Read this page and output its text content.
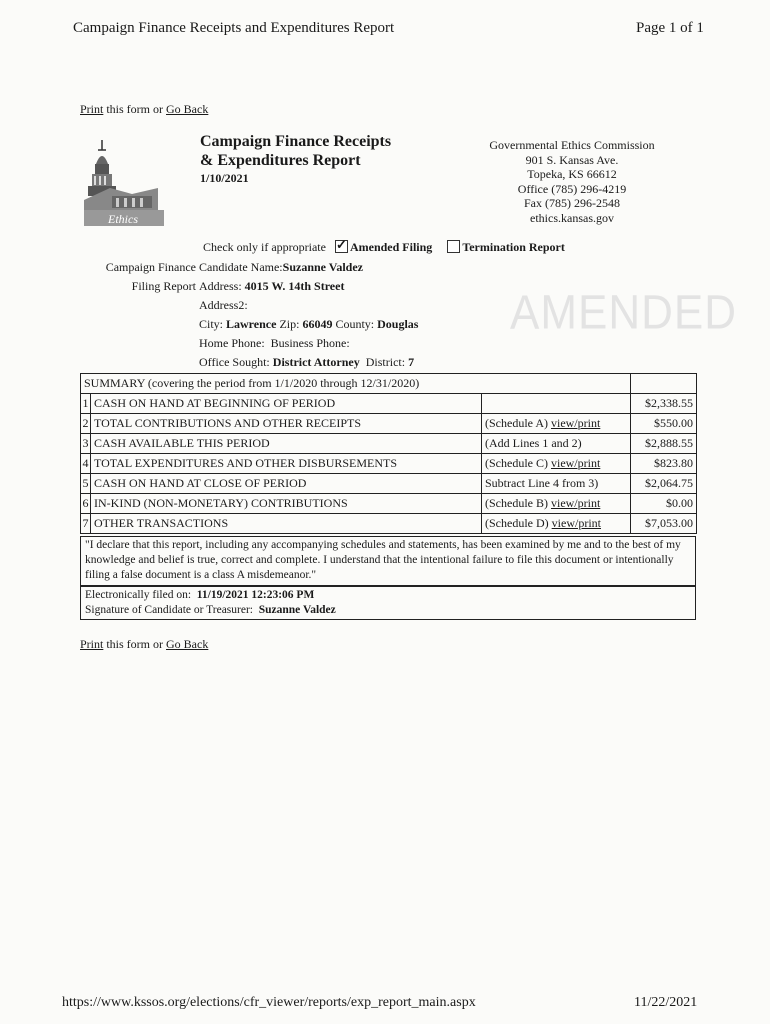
Campaign Finance Receipts and Expenditures Report	Page 1 of 1
Print this form or Go Back
Ethics
Campaign Finance Receipts
& Expenditures Report
1/10/2021
Governmental Ethics Commission
901 S. Kansas Ave.
Topeka, KS 66612
Office (785) 296-4219
Fax (785) 296-2548
ethics.kansas.gov
Check only if appropriate ✓ Amended Filing	Termination Report
Campaign Finance
Filing Report
Candidate Name:Suzanne Valdez
Address: 4015 W. 14th Street
Address2:
City: Lawrence Zip: 66049 County: Douglas
Home Phone: Business Phone:
Office Sought: District Attorney District: 7
AMENDED
SUMMARY (covering the period from 1/1/2020 through 12/31/2020)			
1	CASH ON HAND AT BEGINNING OF PERIOD		$2,338.55
2	TOTAL CONTRIBUTIONS AND OTHER RECEIPTS	(Schedule A) view/print	$550.00
3	CASH AVAILABLE THIS PERIOD	(Add Lines 1 and 2)	$2,888.55
4	TOTAL EXPENDITURES AND OTHER DISBURSEMENTS	(Schedule C) view/print	$823.80
5	CASH ON HAND AT CLOSE OF PERIOD	Subtract Line 4 from 3)	$2,064.75
6	IN-KIND (NON-MONETARY) CONTRIBUTIONS	(Schedule B) view/print	$0.00
7	OTHER TRANSACTIONS	(Schedule D) view/print	$7,053.00
"I declare that this report, including any accompanying schedules and statements, has been examined by me and to the best of my knowledge and belief is true, correct and complete. I understand that the intentional failure to file this document or intentionally filing a false document is a class A misdemeanor."
Electronically filed on: 11/19/2021 12:23:06 PM
Signature of Candidate or Treasurer: Suzanne Valdez
Print this form or Go Back
https://www.kssos.org/elections/cfr_viewer/reports/exp_report_main.aspx	11/22/2021
